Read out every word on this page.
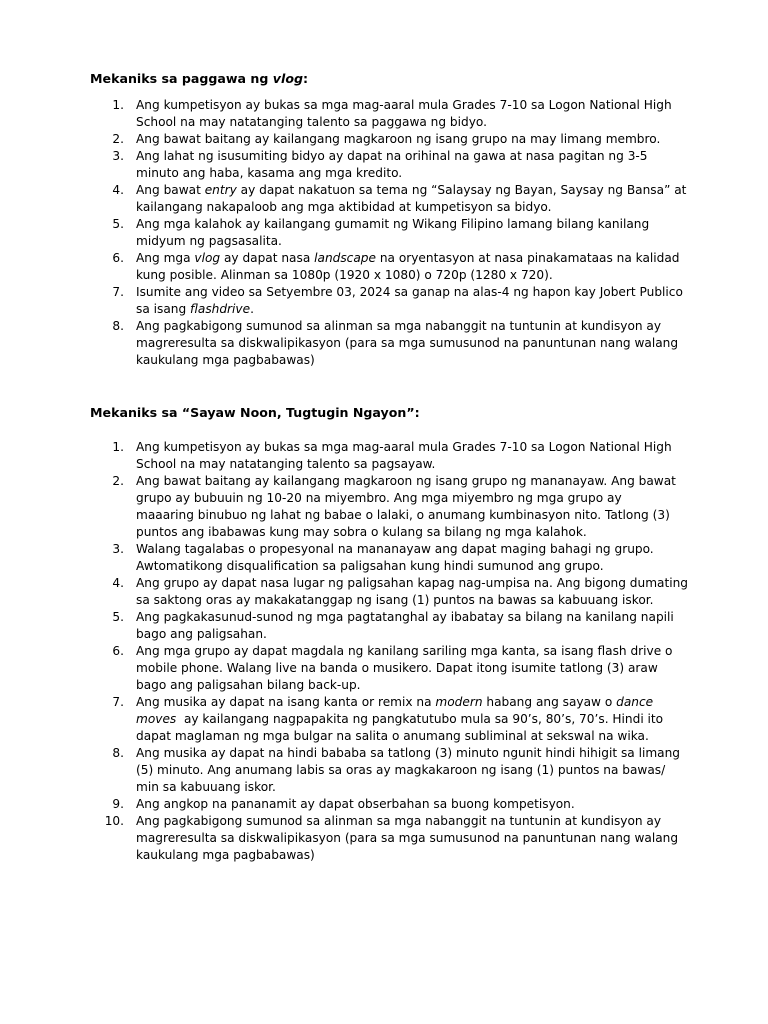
Mekaniks sa paggawa ng vlog:
1. Ang kumpetisyon ay bukas sa mga mag-aaral mula Grades 7-10 sa Logon National High
School na may natatanging talento sa paggawa ng bidyo.
2. Ang bawat baitang ay kailangang magkaroon ng isang grupo na may limang membro.
3. Ang lahat ng isusumiting bidyo ay dapat na orihinal na gawa at nasa pagitan ng 3-5
minuto ang haba, kasama ang mga kredito.
4. Ang bawat entry ay dapat nakatuon sa tema ng “Salaysay ng Bayan, Saysay ng Bansa” at
kailangang nakapaloob ang mga aktibidad at kumpetisyon sa bidyo.
5. Ang mga kalahok ay kailangang gumamit ng Wikang Filipino lamang bilang kanilang
midyum ng pagsasalita.
6. Ang mga vlog ay dapat nasa landscape na oryentasyon at nasa pinakamataas na kalidad
kung posible. Alinman sa 1080p (1920 x 1080) o 720p (1280 x 720).
7. Isumite ang video sa Setyembre 03, 2024 sa ganap na alas-4 ng hapon kay Jobert Publico
sa isang flashdrive.
8. Ang pagkabigong sumunod sa alinman sa mga nabanggit na tuntunin at kundisyon ay
magreresulta sa diskwalipikasyon (para sa mga sumusunod na panuntunan nang walang
kaukulang mga pagbabawas)
Mekaniks sa “Sayaw Noon, Tugtugin Ngayon”:
1. Ang kumpetisyon ay bukas sa mga mag-aaral mula Grades 7-10 sa Logon National High
School na may natatanging talento sa pagsayaw.
2. Ang bawat baitang ay kailangang magkaroon ng isang grupo ng mananayaw. Ang bawat
grupo ay bubuuin ng 10-20 na miyembro. Ang mga miyembro ng mga grupo ay
maaaring binubuo ng lahat ng babae o lalaki, o anumang kumbinasyon nito. Tatlong (3)
puntos ang ibabawas kung may sobra o kulang sa bilang ng mga kalahok.
3. Walang tagalabas o propesyonal na mananayaw ang dapat maging bahagi ng grupo.
Awtomatikong disqualification sa paligsahan kung hindi sumunod ang grupo.
4. Ang grupo ay dapat nasa lugar ng paligsahan kapag nag-umpisa na. Ang bigong dumating
sa saktong oras ay makakatanggap ng isang (1) puntos na bawas sa kabuuang iskor.
5. Ang pagkakasunud-sunod ng mga pagtatanghal ay ibabatay sa bilang na kanilang napili
bago ang paligsahan.
6. Ang mga grupo ay dapat magdala ng kanilang sariling mga kanta, sa isang flash drive o
mobile phone. Walang live na banda o musikero. Dapat itong isumite tatlong (3) araw
bago ang paligsahan bilang back-up.
7. Ang musika ay dapat na isang kanta or remix na modern habang ang sayaw o dance
moves  ay kailangang nagpapakita ng pangkatutubo mula sa 90’s, 80’s, 70’s. Hindi ito
dapat maglaman ng mga bulgar na salita o anumang subliminal at sekswal na wika.
8. Ang musika ay dapat na hindi bababa sa tatlong (3) minuto ngunit hindi hihigit sa limang
(5) minuto. Ang anumang labis sa oras ay magkakaroon ng isang (1) puntos na bawas/
min sa kabuuang iskor.
9. Ang angkop na pananamit ay dapat obserbahan sa buong kompetisyon.
10. Ang pagkabigong sumunod sa alinman sa mga nabanggit na tuntunin at kundisyon ay
magreresulta sa diskwalipikasyon (para sa mga sumusunod na panuntunan nang walang
kaukulang mga pagbabawas)
